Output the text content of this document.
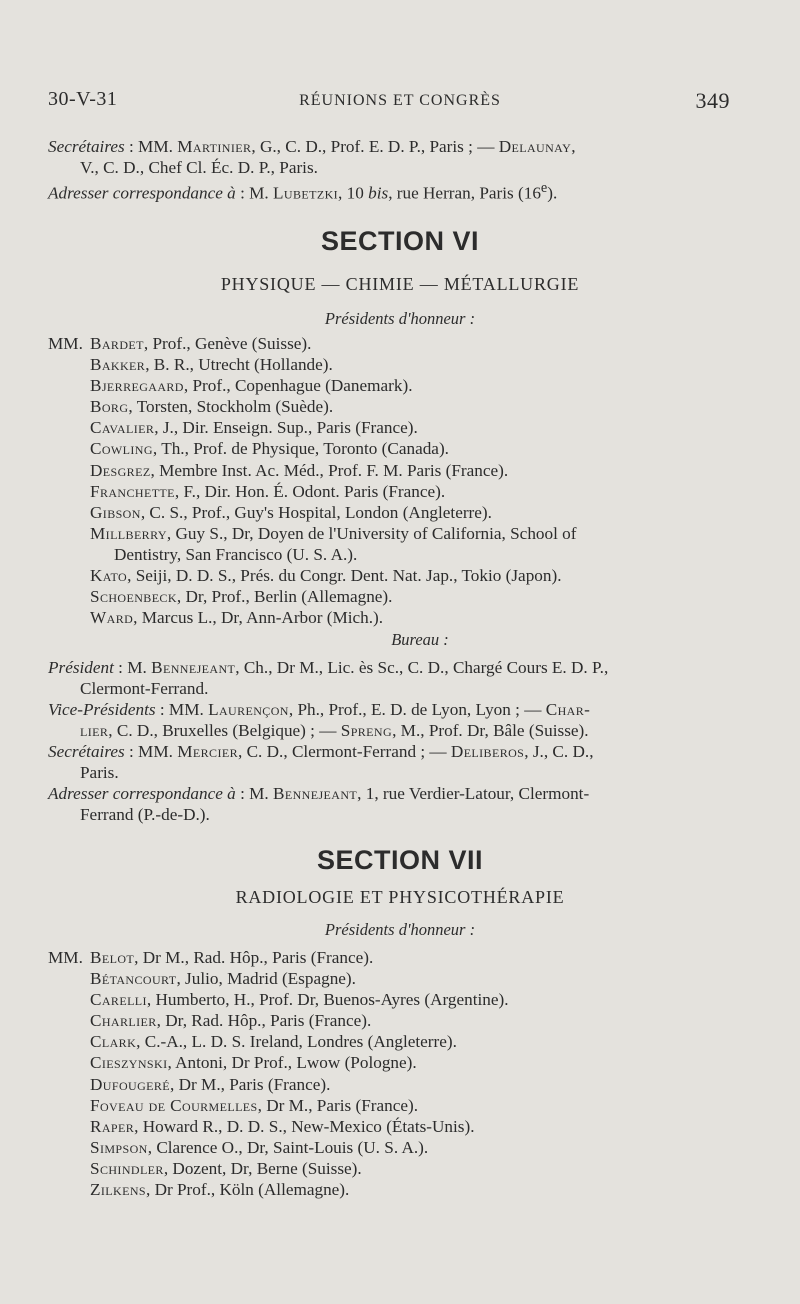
30-V-31	RÉUNIONS ET CONGRÈS	349
Secrétaires : MM. Martinier, G., C. D., Prof. E. D. P., Paris ; — Delaunay,
V., C. D., Chef Cl. Éc. D. P., Paris.
Adresser correspondance à : M. Lubetzki, 10 bis, rue Herran, Paris (16e).
SECTION VI
PHYSIQUE — CHIMIE — MÉTALLURGIE
Présidents d'honneur :
MM. Bardet, Prof., Genève (Suisse).
Bakker, B. R., Utrecht (Hollande).
Bjerregaard, Prof., Copenhague (Danemark).
Borg, Torsten, Stockholm (Suède).
Cavalier, J., Dir. Enseign. Sup., Paris (France).
Cowling, Th., Prof. de Physique, Toronto (Canada).
Desgrez, Membre Inst. Ac. Méd., Prof. F. M. Paris (France).
Franchette, F., Dir. Hon. É. Odont. Paris (France).
Gibson, C. S., Prof., Guy's Hospital, London (Angleterre).
Millberry, Guy S., Dr, Doyen de l'University of California, School of
Dentistry, San Francisco (U. S. A.).
Kato, Seiji, D. D. S., Prés. du Congr. Dent. Nat. Jap., Tokio (Japon).
Schoenbeck, Dr, Prof., Berlin (Allemagne).
Ward, Marcus L., Dr, Ann-Arbor (Mich.).
Bureau :
Président : M. Bennejeant, Ch., Dr M., Lic. ès Sc., C. D., Chargé Cours E. D. P.,
Clermont-Ferrand.
Vice-Présidents : MM. Laurençon, Ph., Prof., E. D. de Lyon, Lyon ; — Char-
lier, C. D., Bruxelles (Belgique) ; — Spreng, M., Prof. Dr, Bâle (Suisse).
Secrétaires : MM. Mercier, C. D., Clermont-Ferrand ; — Deliberos, J., C. D.,
Paris.
Adresser correspondance à : M. Bennejeant, 1, rue Verdier-Latour, Clermont-
Ferrand (P.-de-D.).
SECTION VII
RADIOLOGIE ET PHYSICOTHÉRAPIE
Présidents d'honneur :
MM. Belot, Dr M., Rad. Hôp., Paris (France).
Bétancourt, Julio, Madrid (Espagne).
Carelli, Humberto, H., Prof. Dr, Buenos-Ayres (Argentine).
Charlier, Dr, Rad. Hôp., Paris (France).
Clark, C.-A., L. D. S. Ireland, Londres (Angleterre).
Cieszynski, Antoni, Dr Prof., Lwow (Pologne).
Dufougeré, Dr M., Paris (France).
Foveau de Courmelles, Dr M., Paris (France).
Raper, Howard R., D. D. S., New-Mexico (États-Unis).
Simpson, Clarence O., Dr, Saint-Louis (U. S. A.).
Schindler, Dozent, Dr, Berne (Suisse).
Zilkens, Dr Prof., Köln (Allemagne).
